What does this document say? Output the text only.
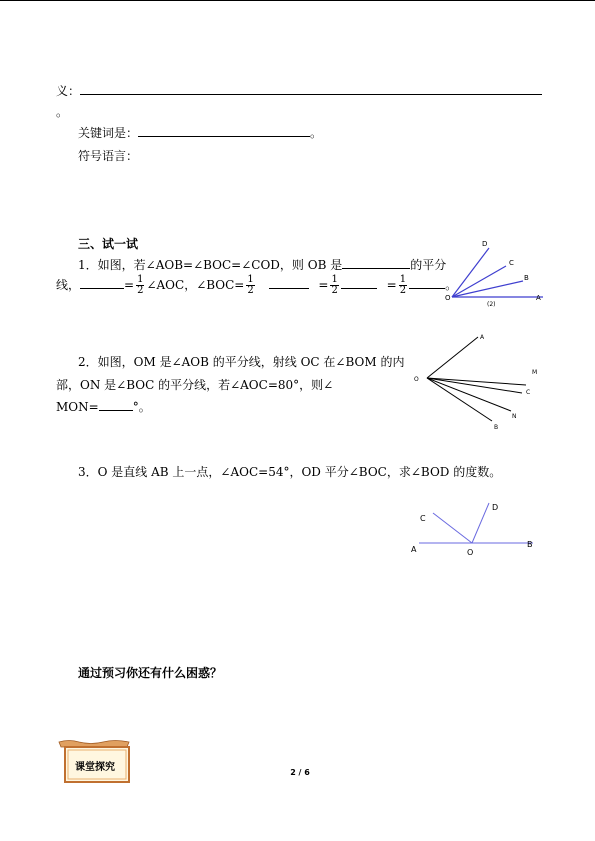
义：
。
关键词是：	。
符号语言：
三、试一试
1．如图，若∠AOB=∠BOC=∠COD，则 OB 是	的平分
线，	= $\frac{1}{2}$ ∠AOC，∠BOC= $\frac{1}{2}$	= $\frac{1}{2}$	= $\frac{1}{2}$	。
D
C
B
O	A
(2)
2．如图，OM 是∠AOB 的平分线，射线 OC 在∠BOM 的内
部，ON 是∠BOC 的平分线，若∠AOC=80°，则∠
MON=	°。
A
M
C
N
B
O
3．O 是直线 AB 上一点，∠AOC=54°，OD 平分∠BOC，求∠BOD 的度数。
C
D
A	O
B
通过预习你还有什么困惑？
课堂探究	2 / 6
